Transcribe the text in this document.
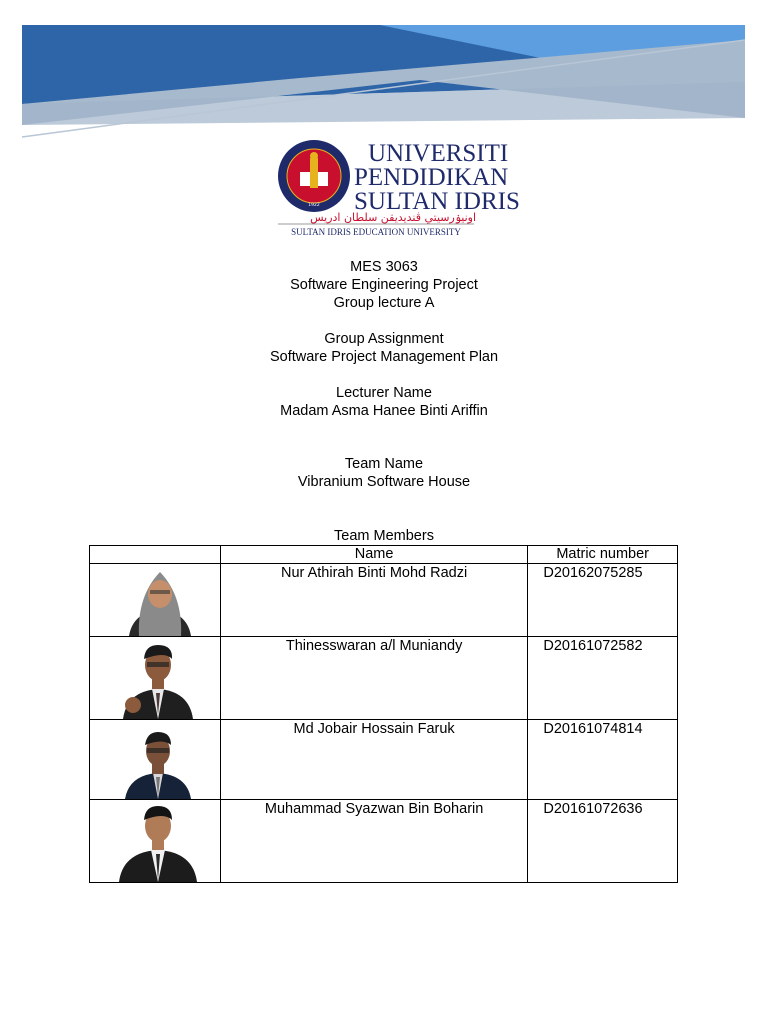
1922
UNIVERSITI
PENDIDIKAN
SULTAN IDRIS
اونيۏرسيتي ڤنديديقن سلطان ادريس
SULTAN IDRIS EDUCATION UNIVERSITY
MES 3063
Software Engineering Project
Group lecture A
Group Assignment
Software Project Management Plan
Lecturer Name
Madam Asma Hanee Binti Ariffin
Team Name
Vibranium Software House
Team Members
	Name	Matric number

Nur Athirah Binti Mohd Radzi	D20162075285

Thinesswaran a/l Muniandy	D20161072582

Md Jobair Hossain Faruk	D20161074814

Muhammad Syazwan Bin Boharin	D20161072636
